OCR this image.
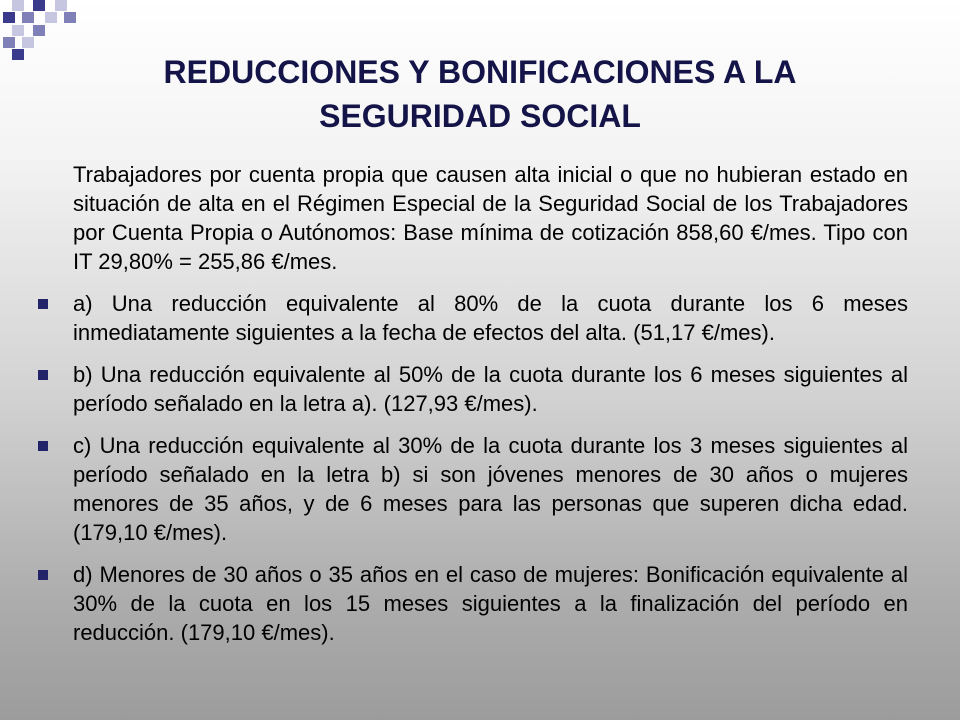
REDUCCIONES Y BONIFICACIONES A LA
SEGURIDAD SOCIAL

Trabajadores por cuenta propia que causen alta inicial o que no hubieran estado en situación de alta en el Régimen Especial de la Seguridad Social de los Trabajadores por Cuenta Propia o Autónomos: Base mínima de cotización 858,60 €/mes. Tipo con IT 29,80% = 255,86 €/mes.

a) Una reducción equivalente al 80% de la cuota durante los 6 meses inmediatamente siguientes a la fecha de efectos del alta. (51,17 €/mes).
b) Una reducción equivalente al 50% de la cuota durante los 6 meses siguientes al período señalado en la letra a). (127,93 €/mes).
c) Una reducción equivalente al 30% de la cuota durante los 3 meses siguientes al período señalado en la letra b) si son jóvenes menores de 30 años o mujeres menores de 35 años, y de 6 meses para las personas que superen dicha edad. (179,10 €/mes).
d) Menores de 30 años o 35 años en el caso de mujeres: Bonificación equivalente al 30% de la cuota en los 15 meses siguientes a la finalización del período en reducción. (179,10 €/mes).
